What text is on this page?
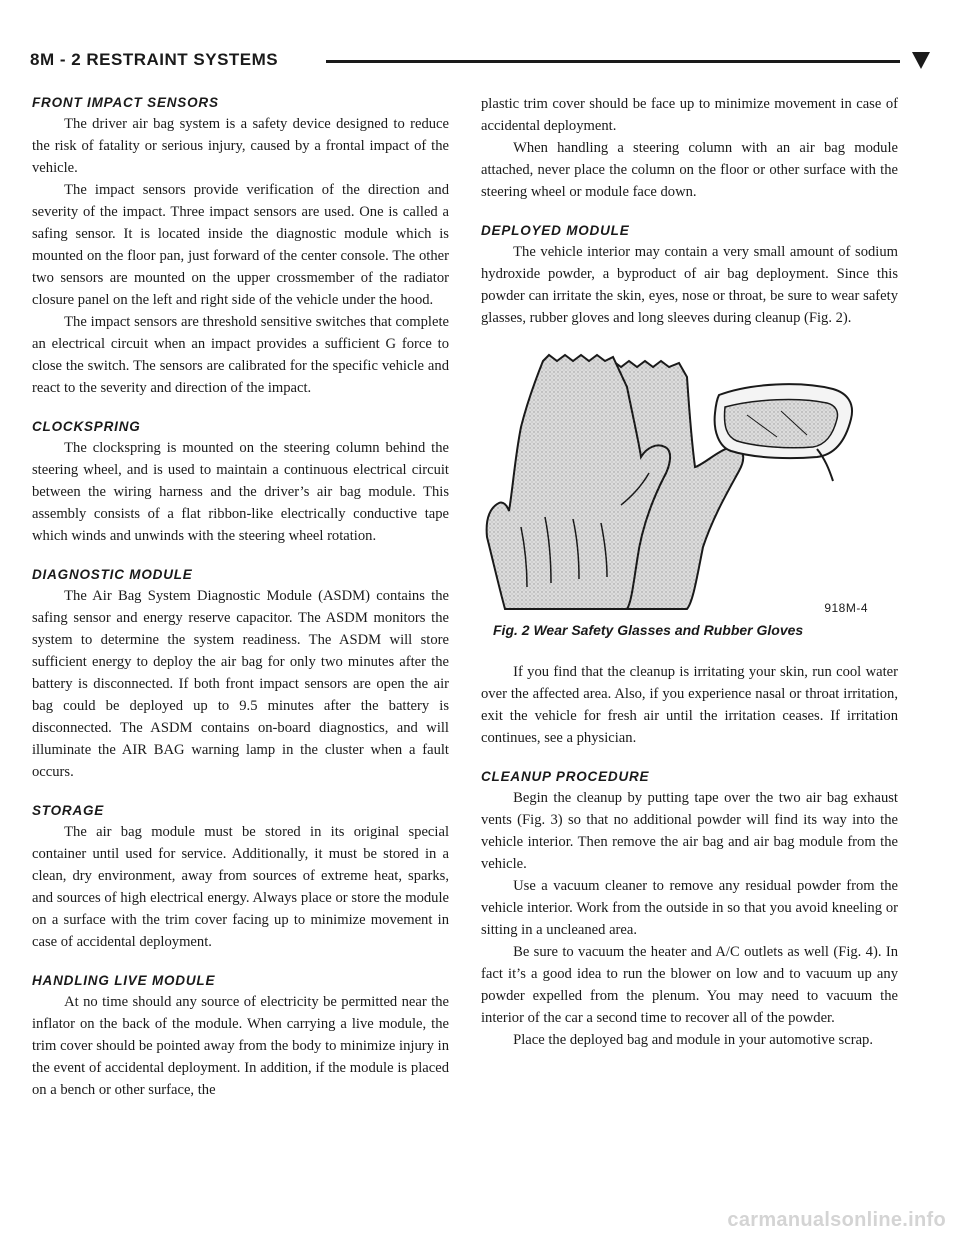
8M - 2 RESTRAINT SYSTEMS
FRONT IMPACT SENSORS

The driver air bag system is a safety device designed to reduce the risk of fatality or serious injury, caused by a frontal impact of the vehicle.

The impact sensors provide verification of the direction and severity of the impact. Three impact sensors are used. One is called a safing sensor. It is located inside the diagnostic module which is mounted on the floor pan, just forward of the center console. The other two sensors are mounted on the upper crossmember of the radiator closure panel on the left and right side of the vehicle under the hood.

The impact sensors are threshold sensitive switches that complete an electrical circuit when an impact provides a sufficient G force to close the switch. The sensors are calibrated for the specific vehicle and react to the severity and direction of the impact.

CLOCKSPRING

The clockspring is mounted on the steering column behind the steering wheel, and is used to maintain a continuous electrical circuit between the wiring harness and the driver’s air bag module. This assembly consists of a flat ribbon-like electrically conductive tape which winds and unwinds with the steering wheel rotation.

DIAGNOSTIC MODULE

The Air Bag System Diagnostic Module (ASDM) contains the safing sensor and energy reserve capacitor. The ASDM monitors the system to determine the system readiness. The ASDM will store sufficient energy to deploy the air bag for only two minutes after the battery is disconnected. If both front impact sensors are open the air bag could be deployed up to 9.5 minutes after the battery is disconnected. The ASDM contains on-board diagnostics, and will illuminate the AIR BAG warning lamp in the cluster when a fault occurs.

STORAGE

The air bag module must be stored in its original special container until used for service. Additionally, it must be stored in a clean, dry environment, away from sources of extreme heat, sparks, and sources of high electrical energy. Always place or store the module on a surface with the trim cover facing up to minimize movement in case of accidental deployment.

HANDLING LIVE MODULE

At no time should any source of electricity be permitted near the inflator on the back of the module. When carrying a live module, the trim cover should be pointed away from the body to minimize injury in the event of accidental deployment. In addition, if the module is placed on a bench or other surface, the

plastic trim cover should be face up to minimize movement in case of accidental deployment.

When handling a steering column with an air bag module attached, never place the column on the floor or other surface with the steering wheel or module face down.

DEPLOYED MODULE

The vehicle interior may contain a very small amount of sodium hydroxide powder, a byproduct of air bag deployment. Since this powder can irritate the skin, eyes, nose or throat, be sure to wear safety glasses, rubber gloves and long sleeves during cleanup (Fig. 2).

918M-4
Fig. 2 Wear Safety Glasses and Rubber Gloves

If you find that the cleanup is irritating your skin, run cool water over the affected area. Also, if you experience nasal or throat irritation, exit the vehicle for fresh air until the irritation ceases. If irritation continues, see a physician.

CLEANUP PROCEDURE

Begin the cleanup by putting tape over the two air bag exhaust vents (Fig. 3) so that no additional powder will find its way into the vehicle interior. Then remove the air bag and air bag module from the vehicle.

Use a vacuum cleaner to remove any residual powder from the vehicle interior. Work from the outside in so that you avoid kneeling or sitting in a uncleaned area.

Be sure to vacuum the heater and A/C outlets as well (Fig. 4). In fact it’s a good idea to run the blower on low and to vacuum up any powder expelled from the plenum. You may need to vacuum the interior of the car a second time to recover all of the powder.

Place the deployed bag and module in your automotive scrap.

carmanualsonline.info
